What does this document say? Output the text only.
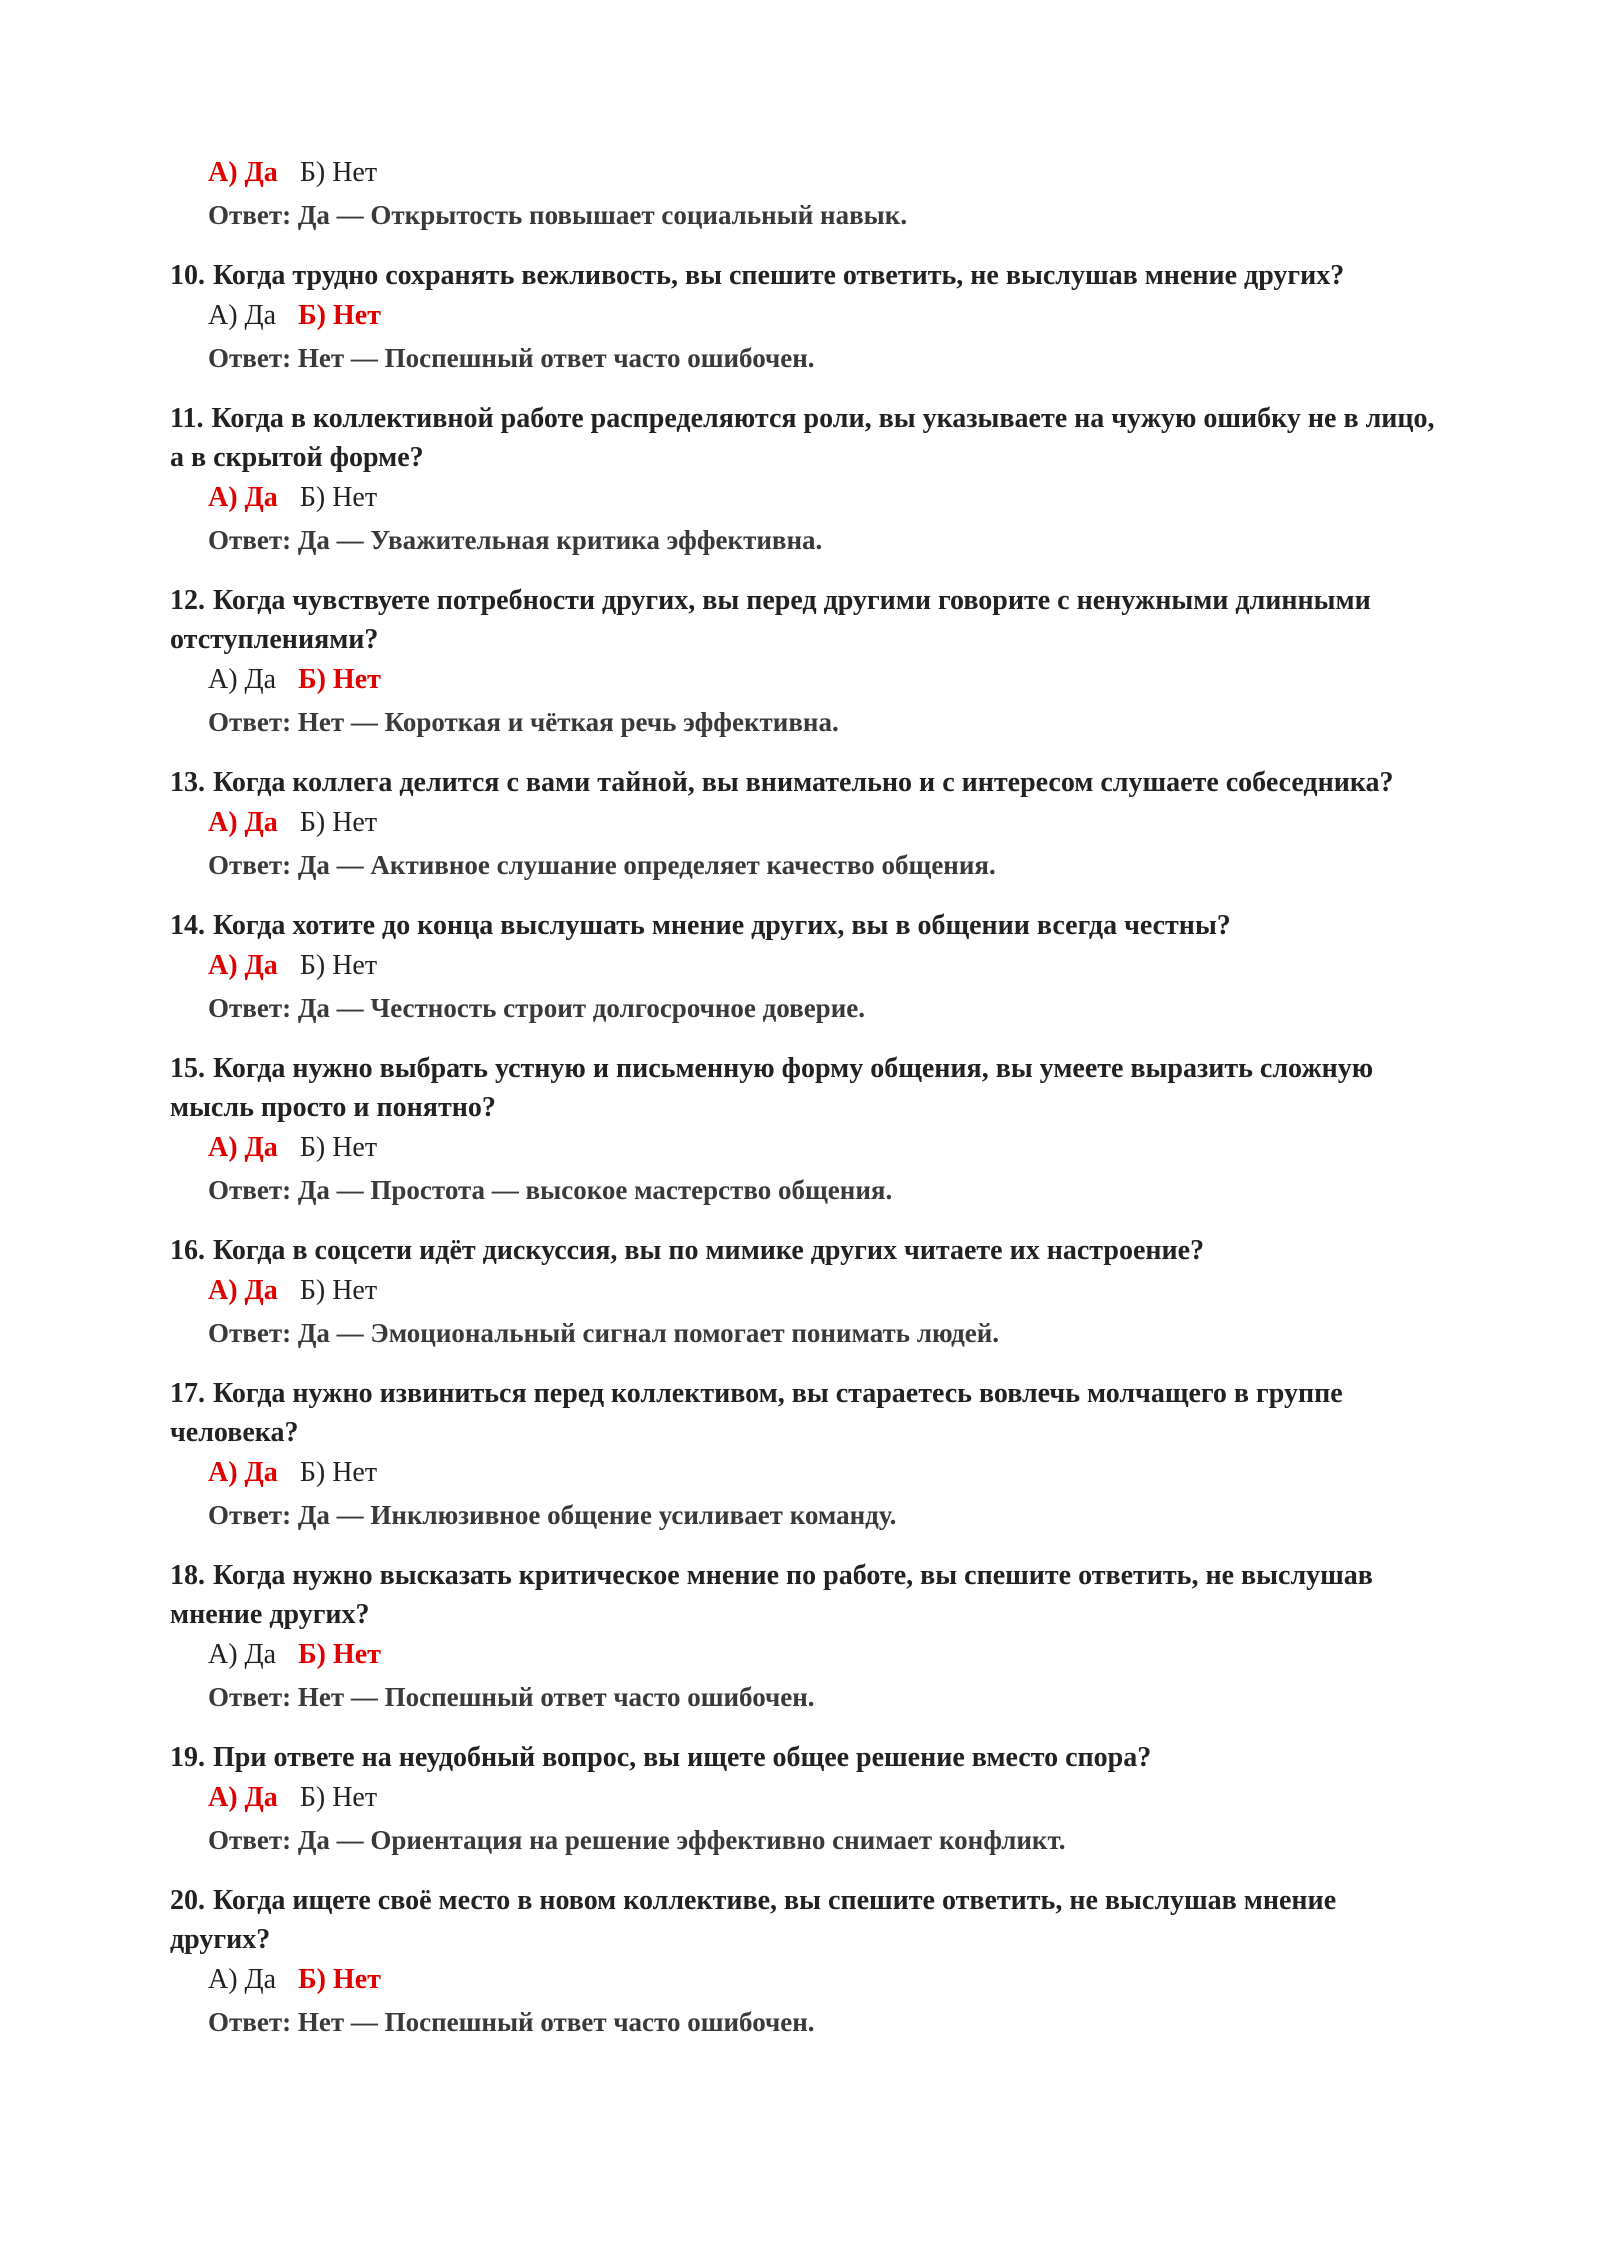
А) Да Б) Нет
Ответ: Да — Открытость повышает социальный навык.
10. Когда трудно сохранять вежливость, вы спешите ответить, не выслушав мнение других?
А) Да Б) Нет
Ответ: Нет — Поспешный ответ часто ошибочен.
11. Когда в коллективной работе распределяются роли, вы указываете на чужую ошибку не в лицо, а в скрытой форме?
А) Да Б) Нет
Ответ: Да — Уважительная критика эффективна.
12. Когда чувствуете потребности других, вы перед другими говорите с ненужными длинными отступлениями?
А) Да Б) Нет
Ответ: Нет — Короткая и чёткая речь эффективна.
13. Когда коллега делится с вами тайной, вы внимательно и с интересом слушаете собеседника?
А) Да Б) Нет
Ответ: Да — Активное слушание определяет качество общения.
14. Когда хотите до конца выслушать мнение других, вы в общении всегда честны?
А) Да Б) Нет
Ответ: Да — Честность строит долгосрочное доверие.
15. Когда нужно выбрать устную и письменную форму общения, вы умеете выразить сложную мысль просто и понятно?
А) Да Б) Нет
Ответ: Да — Простота — высокое мастерство общения.
16. Когда в соцсети идёт дискуссия, вы по мимике других читаете их настроение?
А) Да Б) Нет
Ответ: Да — Эмоциональный сигнал помогает понимать людей.
17. Когда нужно извиниться перед коллективом, вы стараетесь вовлечь молчащего в группе человека?
А) Да Б) Нет
Ответ: Да — Инклюзивное общение усиливает команду.
18. Когда нужно высказать критическое мнение по работе, вы спешите ответить, не выслушав мнение других?
А) Да Б) Нет
Ответ: Нет — Поспешный ответ часто ошибочен.
19. При ответе на неудобный вопрос, вы ищете общее решение вместо спора?
А) Да Б) Нет
Ответ: Да — Ориентация на решение эффективно снимает конфликт.
20. Когда ищете своё место в новом коллективе, вы спешите ответить, не выслушав мнение других?
А) Да Б) Нет
Ответ: Нет — Поспешный ответ часто ошибочен.
